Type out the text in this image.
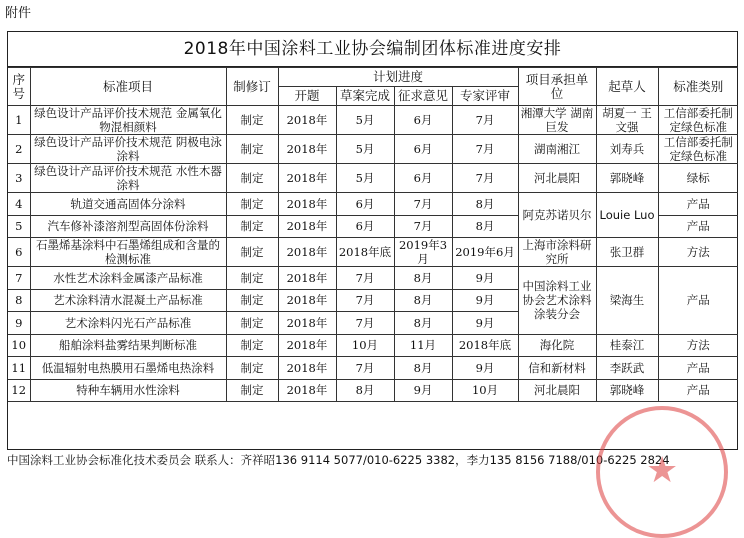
附件
2018年中国涂料工业协会编制团体标准进度安排
序号	标准项目	制修订	计划进度				项目承担单位	起草人	标准类别
			开题	草案完成	征求意见	专家评审			
1	绿色设计产品评价技术规范 金属氧化物混相颜料	制定	2018年	5月	6月	7月	湘潭大学 湖南巨发	胡夏一 王文强	工信部委托制定绿色标准
2	绿色设计产品评价技术规范 阴极电泳涂料	制定	2018年	5月	6月	7月	湖南湘江	刘寿兵	工信部委托制定绿色标准
3	绿色设计产品评价技术规范 水性木器涂料	制定	2018年	5月	6月	7月	河北晨阳	郭晓峰	绿标
4	轨道交通高固体分涂料	制定	2018年	6月	7月	8月	阿克苏诺贝尔	Louie Luo	产品
5	汽车修补漆溶剂型高固体份涂料	制定	2018年	6月	7月	8月			产品
6	石墨烯基涂料中石墨烯组成和含量的检测标准	制定	2018年	2018年底	2019年3月	2019年6月	上海市涂料研究所	张卫群	方法
7	水性艺术涂料金属漆产品标准	制定	2018年	7月	8月	9月	中国涂料工业协会艺术涂料涂装分会	梁海生	产品
8	艺术涂料清水混凝土产品标准	制定	2018年	7月	8月	9月			
9	艺术涂料闪光石产品标准	制定	2018年	7月	8月	9月			
10	船舶涂料盐雾结果判断标准	制定	2018年	10月	11月	2018年底	海化院	桂泰江	方法
11	低温辐射电热膜用石墨烯电热涂料	制定	2018年	7月	8月	9月	信和新材料	李跃武	产品
12	特种车辆用水性涂料	制定	2018年	8月	9月	10月	河北晨阳	郭晓峰	产品
中国涂料工业协会标准化技术委员会 联系人：齐祥昭136 9114 5077/010-6225 3382，李力135 8156 7188/010-6225 2824
★
